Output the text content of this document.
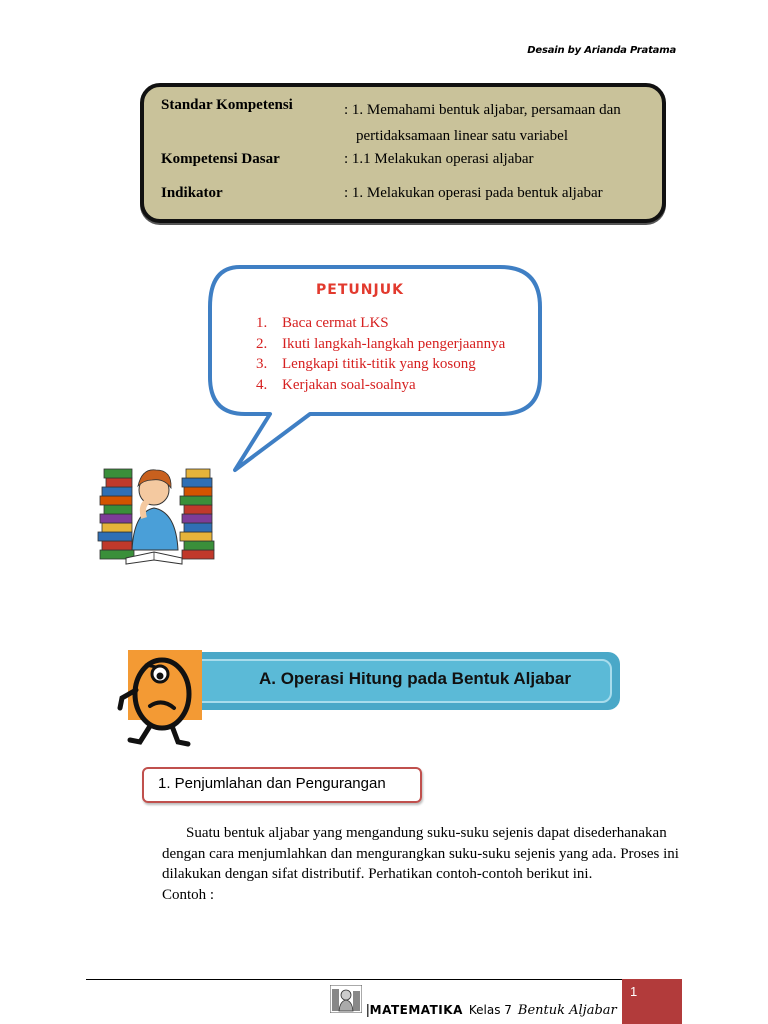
Desain by Arianda Pratama
Standar Kompetensi	: 1. Memahami bentuk aljabar, persamaan dan
pertidaksamaan linear satu variabel
Kompetensi Dasar	: 1.1 Melakukan operasi aljabar
Indikator	: 1. Melakukan operasi pada bentuk aljabar
PETUNJUK
1. Baca cermat LKS
2. Ikuti langkah-langkah pengerjaannya
3. Lengkapi titik-titik yang kosong
4. Kerjakan soal-soalnya
A. Operasi Hitung pada Bentuk Aljabar
1. Penjumlahan dan Pengurangan

Suatu bentuk aljabar yang mengandung suku-suku sejenis dapat disederhanakan dengan cara menjumlahkan dan mengurangkan suku-suku sejenis yang ada. Proses ini dilakukan dengan sifat distributif. Perhatikan contoh-contoh berikut ini.

Contoh :

|MATEMATIKA Kelas 7 Bentuk Aljabar
1
